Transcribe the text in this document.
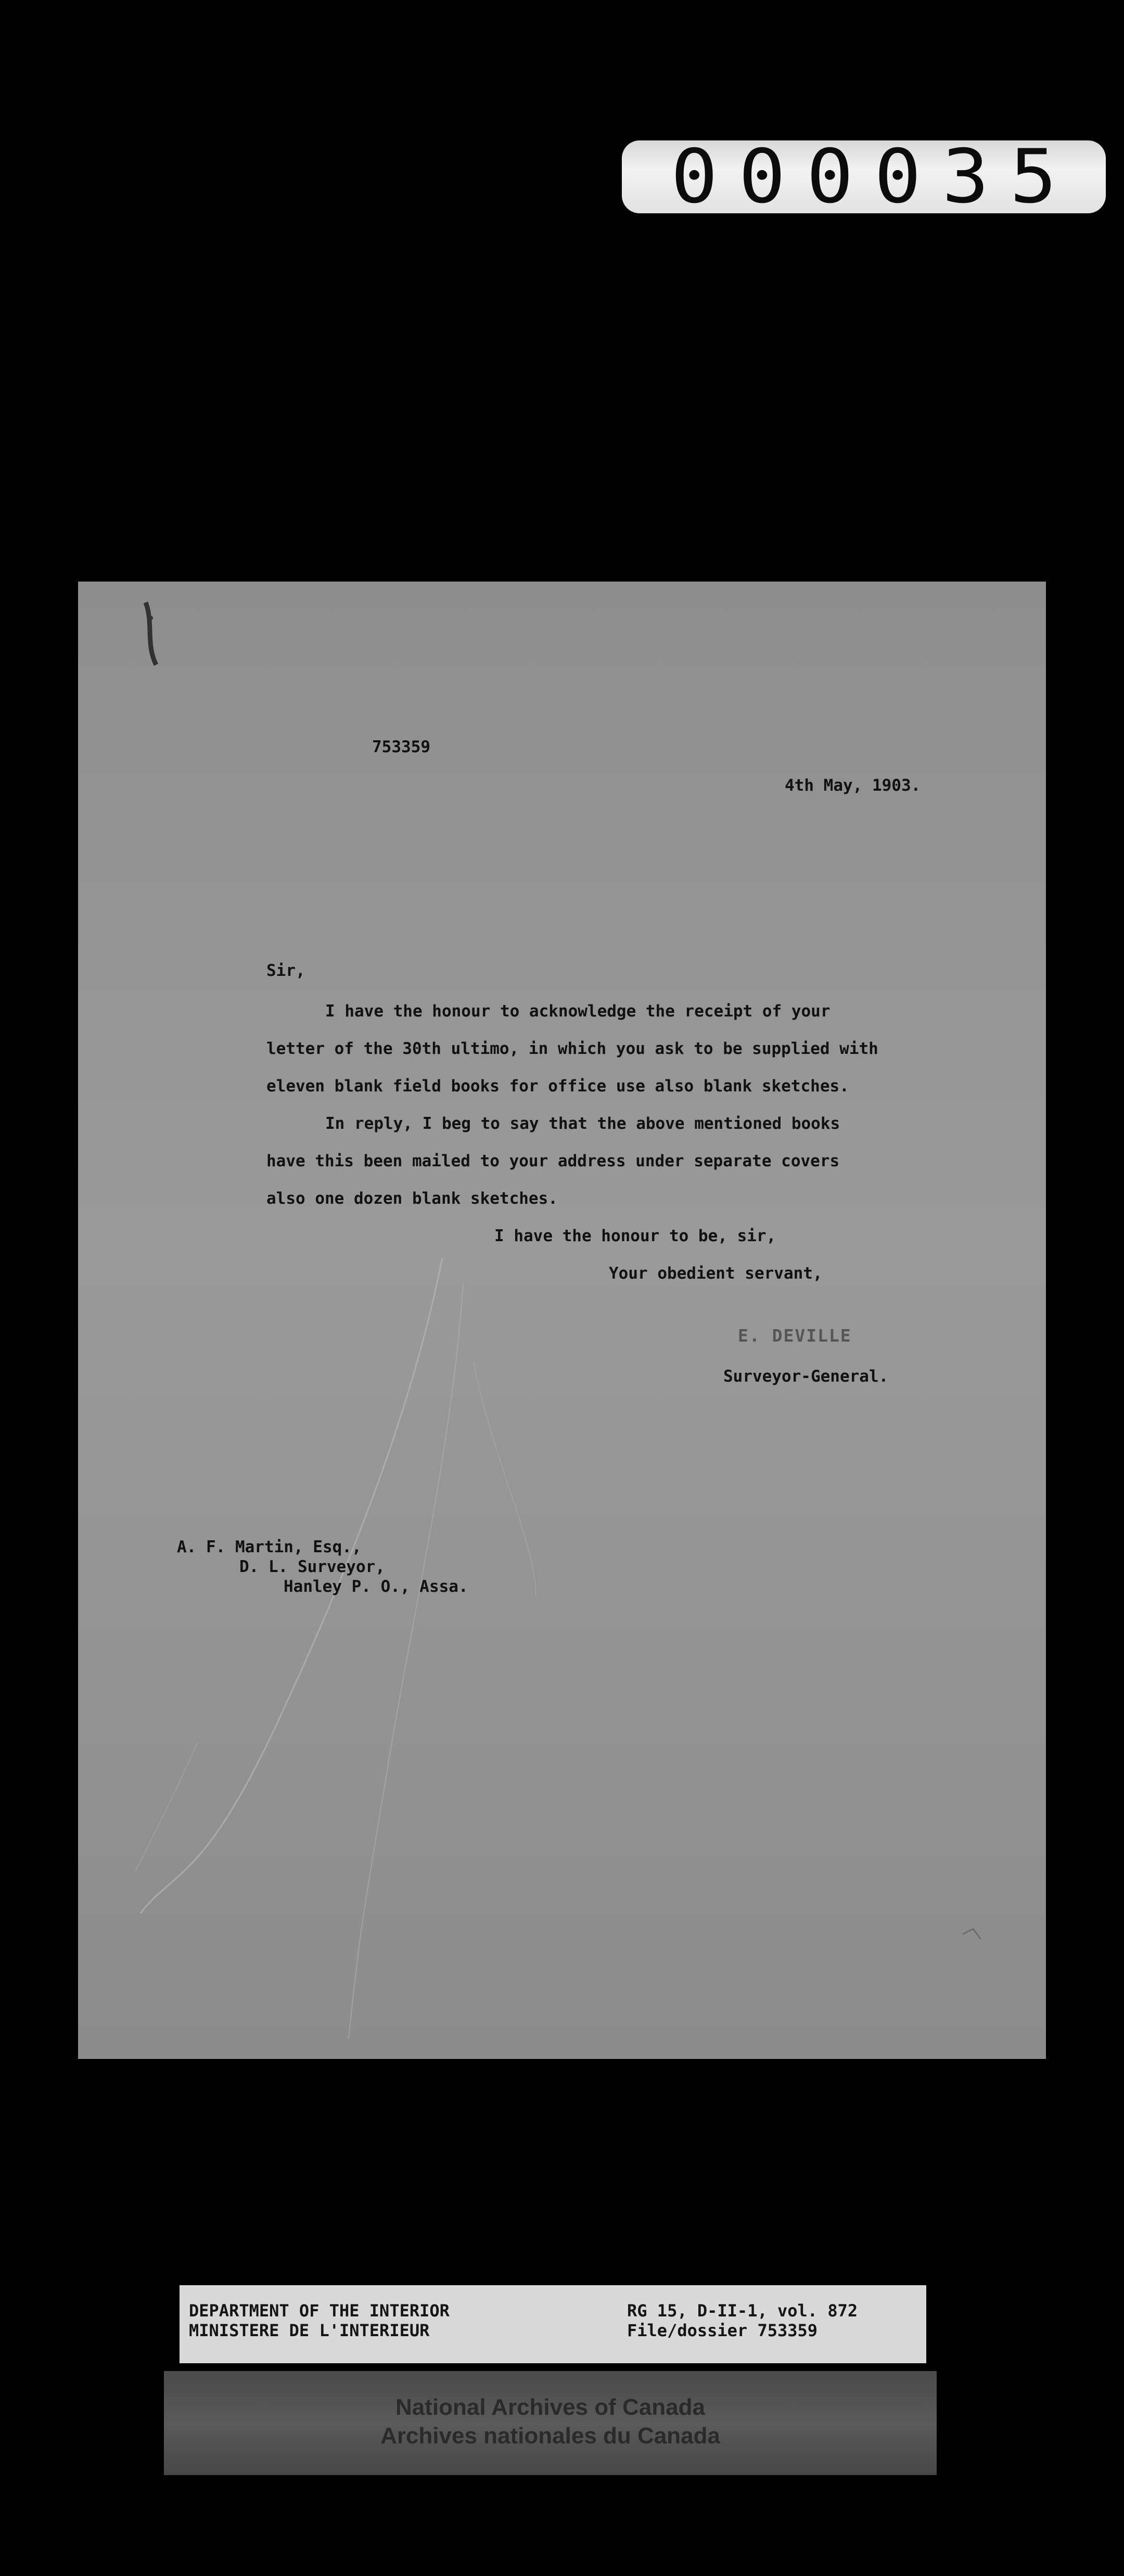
000035

753359

4th May, 1903.

Sir,

I have the honour to acknowledge the receipt of your

letter of the 30th ultimo, in which you ask to be supplied with

eleven blank field books for office use also blank sketches.

In reply, I beg to say that the above mentioned books

have this been mailed to your address under separate covers

also one dozen blank sketches.

I have the honour to be, sir,

Your obedient servant,

E. DEVILLE

Surveyor-General.

A. F. Martin, Esq.,

D. L. Surveyor,

Hanley P. O., Assa.

DEPARTMENT OF THE INTERIOR

MINISTERE DE L'INTERIEUR

RG 15, D-II-1, vol. 872

File/dossier 753359

National Archives of Canada

Archives nationales du Canada
